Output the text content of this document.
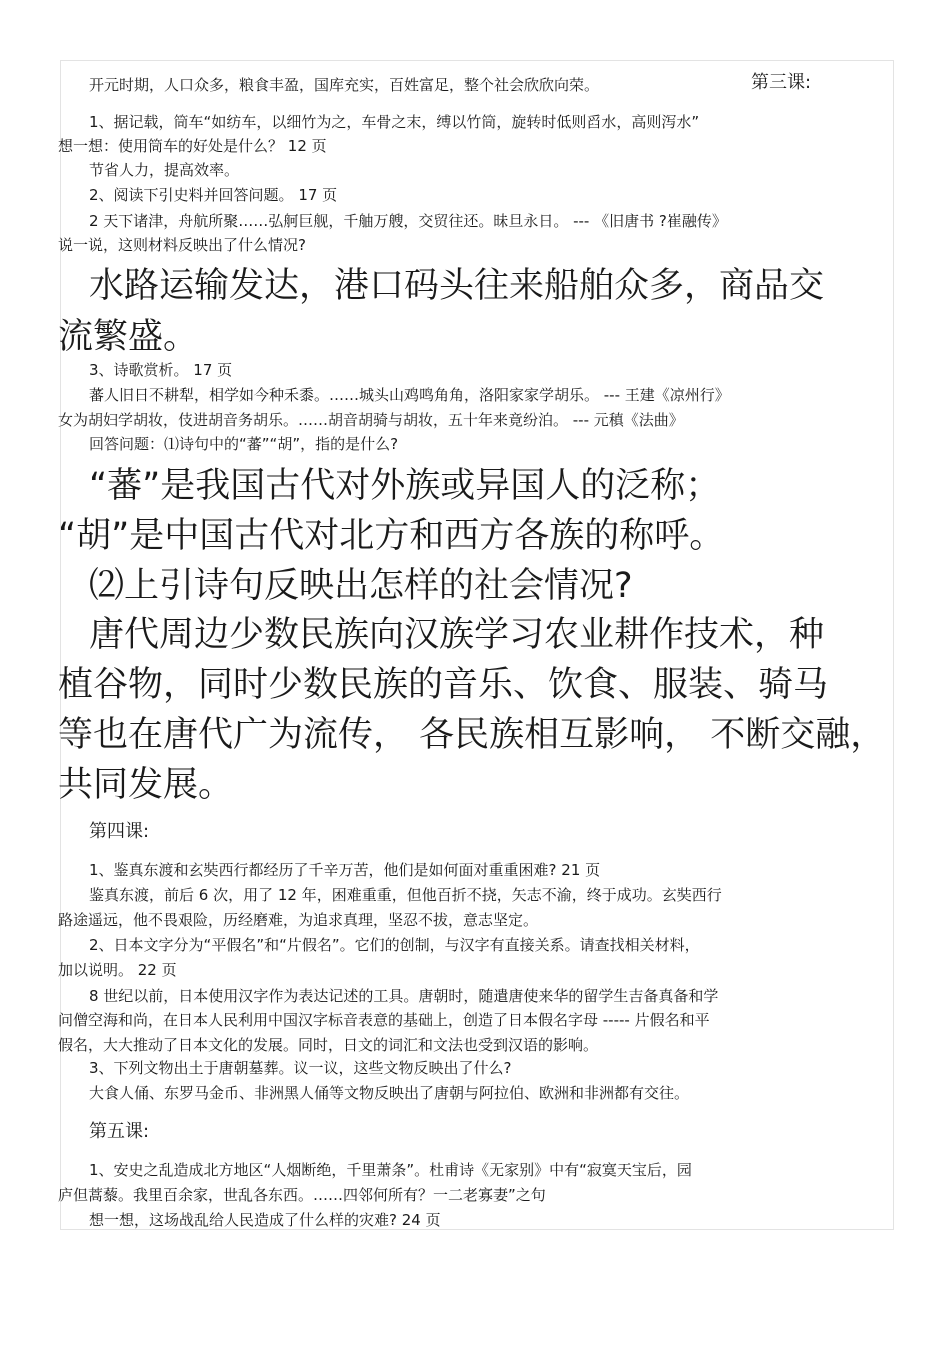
开元时期，人口众多，粮食丰盈，国库充实，百姓富足，整个社会欣欣向荣。	第三课:
1、据记载，筒车“如纺车，以细竹为之，车骨之末，缚以竹筒，旋转时低则舀水，高则泻水”
想一想：使用筒车的好处是什么？ 12 页
节省人力，提高效率。
2、阅读下引史料并回答问题。 17 页
2 天下诸津，舟航所聚……弘舸巨舰，千舳万艘，交贸往还。昧旦永日。 --- 《旧唐书 ?崔融传》
说一说，这则材料反映出了什么情况?
水路运输发达，港口码头往来船舶众多，商品交
流繁盛。
3、诗歌赏析。 17 页
蕃人旧日不耕犁，相学如今种禾黍。……城头山鸡鸣角角，洛阳家家学胡乐。 --- 王建《凉州行》
女为胡妇学胡妆，伎进胡音务胡乐。……胡音胡骑与胡妆，五十年来竟纷泊。 --- 元稹《法曲》
回答问题：⑴诗句中的“蕃”“胡”，指的是什么?
“蕃”是我国古代对外族或异国人的泛称；
“胡”是中国古代对北方和西方各族的称呼。
⑵上引诗句反映出怎样的社会情况?
唐代周边少数民族向汉族学习农业耕作技术，种
植谷物，同时少数民族的音乐、饮食、服装、骑马
等也在唐代广为流传， 各民族相互影响， 不断交融，
共同发展。
第四课:
1、鉴真东渡和玄奘西行都经历了千辛万苦，他们是如何面对重重困难? 21 页
鉴真东渡，前后 6 次，用了 12 年，困难重重，但他百折不挠，矢志不渝，终于成功。玄奘西行
路途遥远，他不畏艰险，历经磨难，为追求真理，坚忍不拔，意志坚定。
2、日本文字分为“平假名”和“片假名”。它们的创制，与汉字有直接关系。请查找相关材料，
加以说明。 22 页
8 世纪以前，日本使用汉字作为表达记述的工具。唐朝时，随遣唐使来华的留学生吉备真备和学
问僧空海和尚，在日本人民利用中国汉字标音表意的基础上，创造了日本假名字母 ----- 片假名和平
假名，大大推动了日本文化的发展。同时，日文的词汇和文法也受到汉语的影响。
3、下列文物出土于唐朝墓葬。议一议，这些文物反映出了什么?
大食人俑、东罗马金币、非洲黑人俑等文物反映出了唐朝与阿拉伯、欧洲和非洲都有交往。
第五课:
1、安史之乱造成北方地区“人烟断绝，千里萧条”。杜甫诗《无家别》中有“寂寞天宝后，园
庐但蒿藜。我里百余家，世乱各东西。……四邻何所有？一二老寡妻”之句
想一想，这场战乱给人民造成了什么样的灾难? 24 页
